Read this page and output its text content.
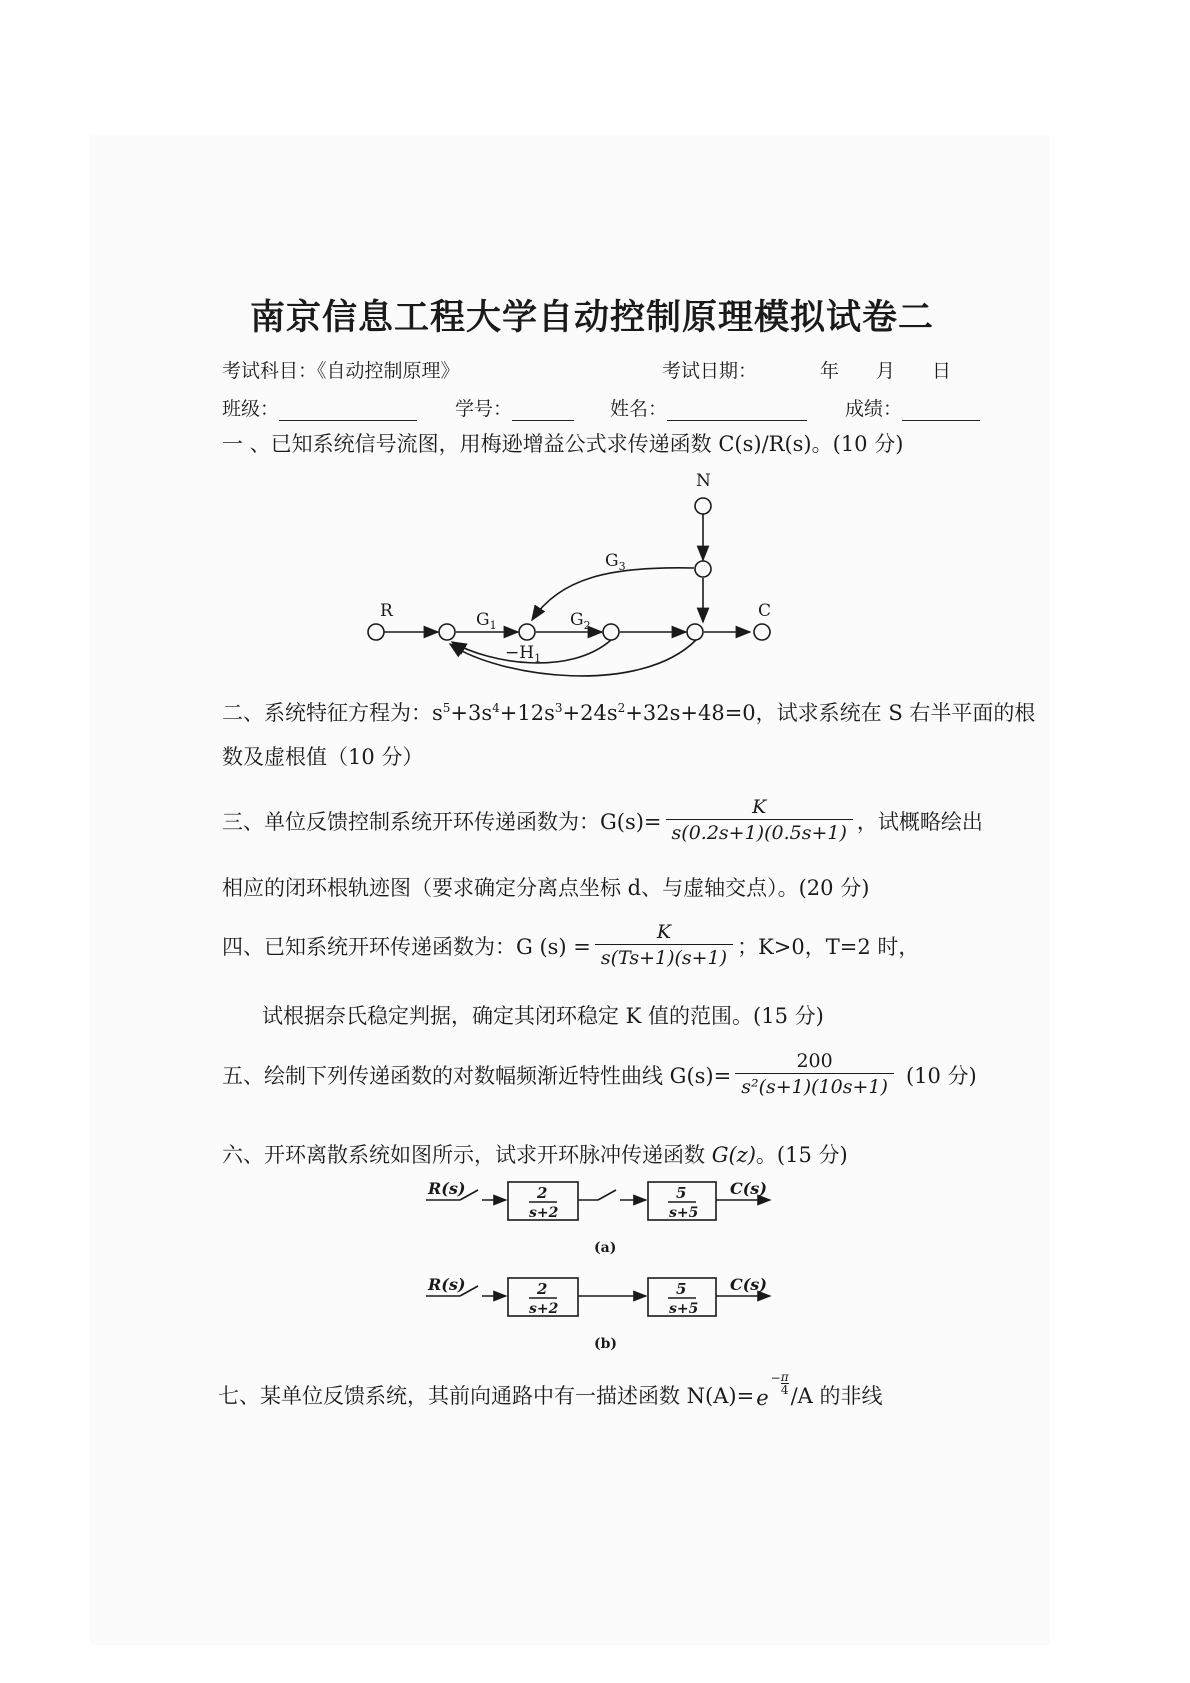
南京信息工程大学自动控制原理模拟试卷二
考试科目：《自动控制原理》	考试日期：	年 月 日
班级：	学号：	姓名：	成绩：
一 、已知系统信号流图，用梅逊增益公式求传递函数 C(s)/R(s)。(10 分)
N
$G_3$
R	$G_1$	$G_2$
C
$-H_1$
二、系统特征方程为：$s^5+3s^4+12s^3+24s^2+32s+48=0$，试求系统在 S 右半平面的根
数及虚根值（10 分）
三、单位反馈控制系统开环传递函数为：$G(s)= \frac{K}{s(0.2s+1)(0.5s+1)}$ ，试概略绘出
相应的闭环根轨迹图（要求确定分离点坐标 d、与虚轴交点）。(20 分)
四、已知系统开环传递函数为：G $(s) = \frac{K}{s(Ts+1)(s+1)}$ ；K>0，T=2 时，
试根据奈氏稳定判据，确定其闭环稳定 K 值的范围。(15 分)
五、绘制下列传递函数的对数幅频渐近特性曲线 $G(s)= \frac{200}{\text{s²(s+1)(10s+1)}} (10$ 分)
六、开环离散系统如图所示，试求开环脉冲传递函数 G(z)。(15 分)
R(s)	2
s+2
5
s+5
C(s)
(a)
R(s)	2
s+2
5
s+5
C(s)
(b)
七、某单位反馈系统，其前向通路中有一描述函数 N(A)= e
− π
4 /A 的非线
